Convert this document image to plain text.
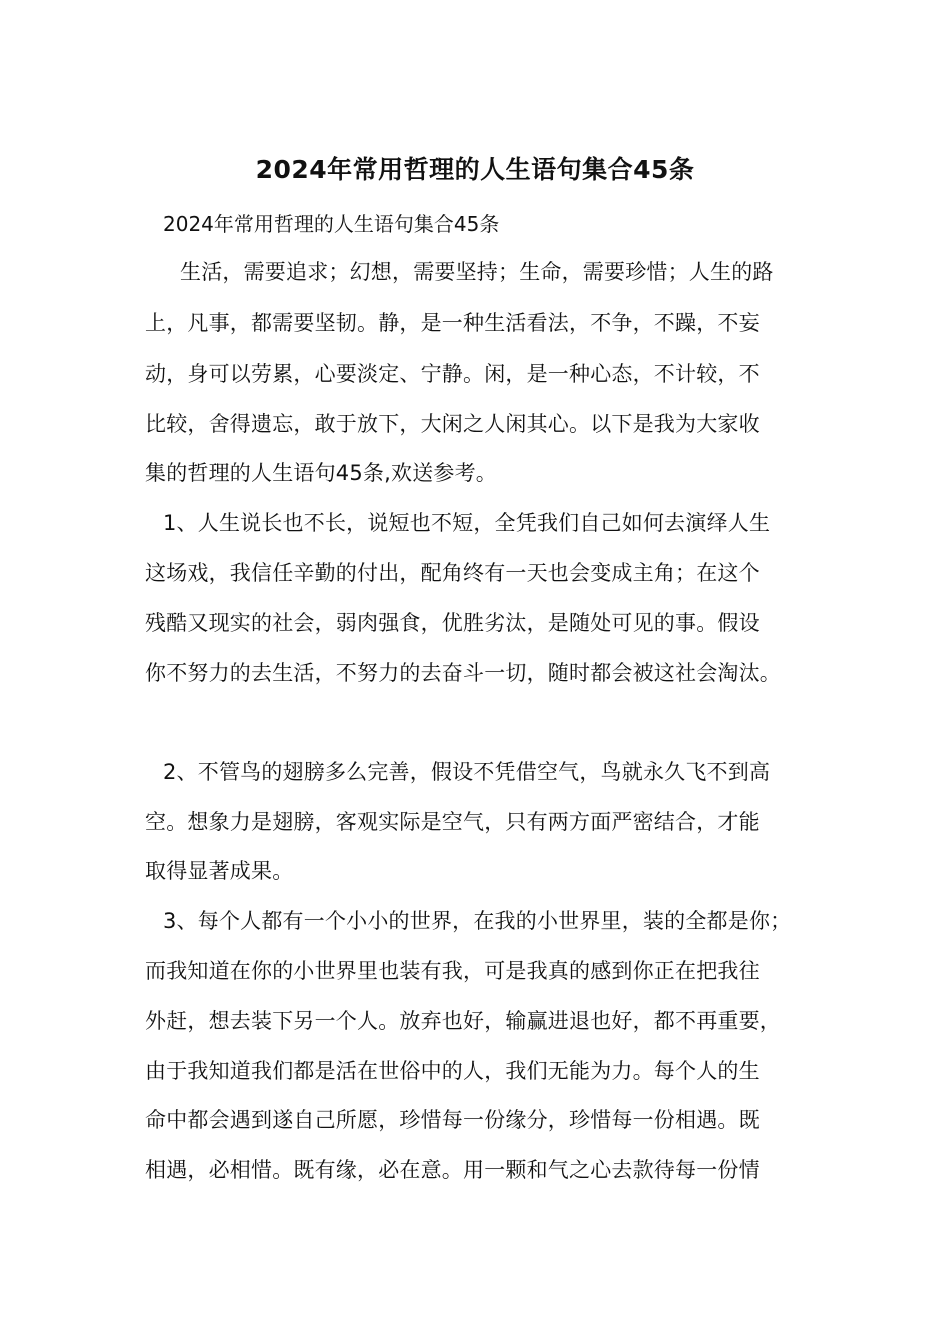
2024年常用哲理的人生语句集合45条
2024年常用哲理的人生语句集合45条
生活，需要追求；幻想，需要坚持；生命，需要珍惜；人生的路
上，凡事，都需要坚韧。静，是一种生活看法，不争，不躁，不妄
动，身可以劳累，心要淡定、宁静。闲，是一种心态，不计较，不
比较，舍得遗忘，敢于放下，大闲之人闲其心。以下是我为大家收
集的哲理的人生语句45条,欢送参考。
1、人生说长也不长，说短也不短，全凭我们自己如何去演绎人生
这场戏，我信任辛勤的付出，配角终有一天也会变成主角；在这个
残酷又现实的社会，弱肉强食，优胜劣汰，是随处可见的事。假设
你不努力的去生活，不努力的去奋斗一切，随时都会被这社会淘汰。
2、不管鸟的翅膀多么完善，假设不凭借空气，鸟就永久飞不到高
空。想象力是翅膀，客观实际是空气，只有两方面严密结合，才能
取得显著成果。
3、每个人都有一个小小的世界，在我的小世界里，装的全都是你；
而我知道在你的小世界里也装有我，可是我真的感到你正在把我往
外赶，想去装下另一个人。放弃也好，输赢进退也好，都不再重要，
由于我知道我们都是活在世俗中的人，我们无能为力。每个人的生
命中都会遇到遂自己所愿，珍惜每一份缘分，珍惜每一份相遇。既
相遇，必相惜。既有缘，必在意。用一颗和气之心去款待每一份情
